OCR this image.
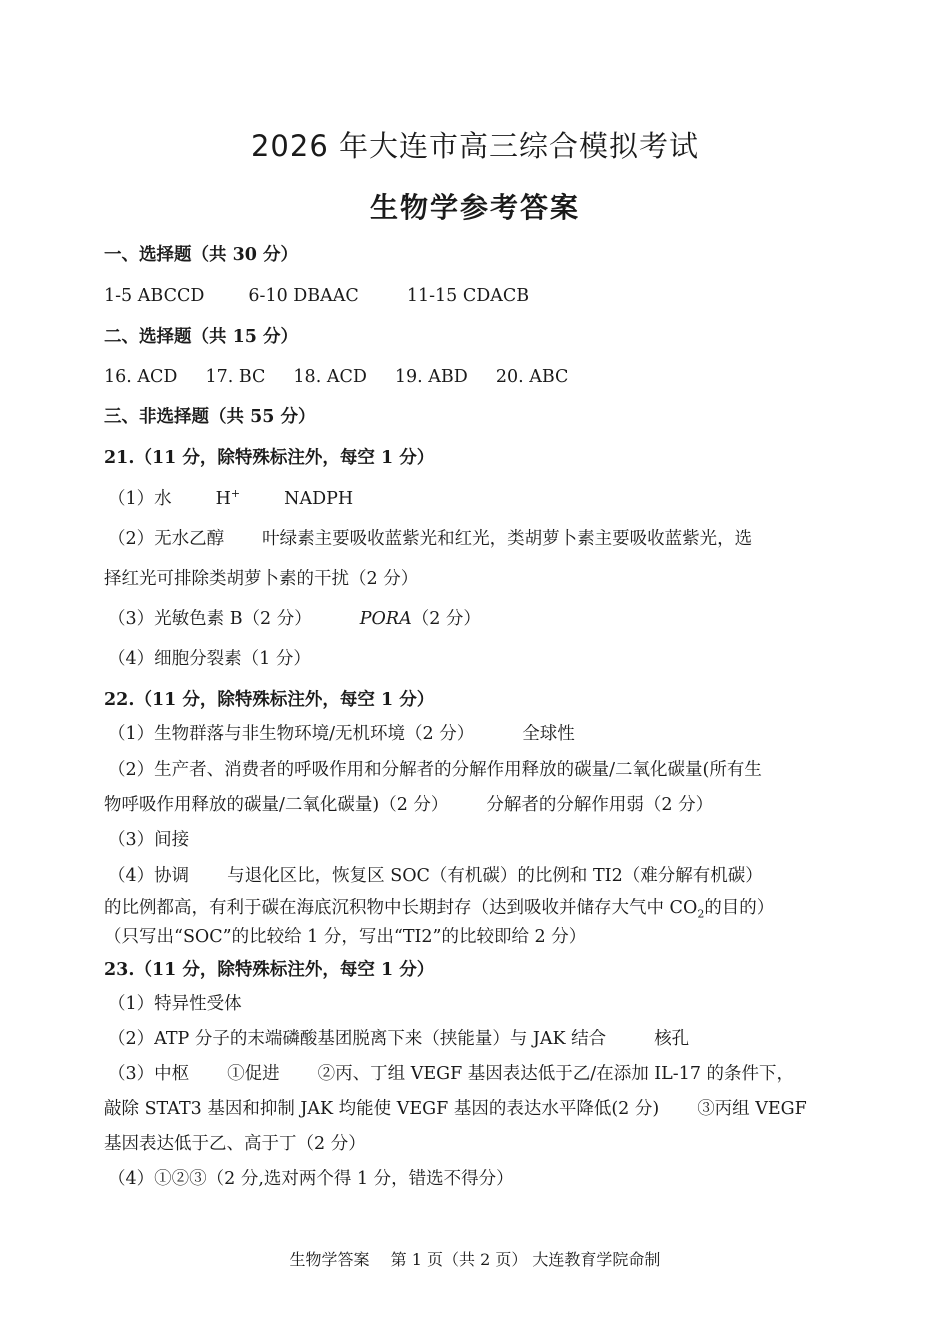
2026 年大连市高三综合模拟考试
生物学参考答案
一、选择题（共 30 分）
1-5 ABCCD	6-10 DBAAC	11-15 CDACB
二、选择题（共 15 分）
16. ACD 17. BC 18. ACD 19. ABD 20. ABC
三、非选择题（共 55 分）
21.（11 分，除特殊标注外，每空 1 分）
（1）水	H+	NADPH
（2）无水乙醇 叶绿素主要吸收蓝紫光和红光，类胡萝卜素主要吸收蓝紫光，选
择红光可排除类胡萝卜素的干扰（2 分）
（3）光敏色素 B（2 分）	PORA（2 分）
（4）细胞分裂素（1 分）
22.（11 分，除特殊标注外，每空 1 分）
（1）生物群落与非生物环境/无机环境（2 分）	全球性
（2）生产者、消费者的呼吸作用和分解者的分解作用释放的碳量/二氧化碳量(所有生
物呼吸作用释放的碳量/二氧化碳量)（2 分） 分解者的分解作用弱（2 分）
（3）间接
（4）协调 与退化区比，恢复区 SOC（有机碳）的比例和 TI2（难分解有机碳）
的比例都高，有利于碳在海底沉积物中长期封存（达到吸收并储存大气中 $CO_2$的目的）
（只写出“SOC”的比较给 1 分，写出“TI2”的比较即给 2 分）
23.（11 分，除特殊标注外，每空 1 分）
（1）特异性受体
（2）ATP 分子的末端磷酸基团脱离下来（挟能量）与 JAK 结合	核孔
（3）中枢 ①促进 ②丙、丁组 VEGF 基因表达低于乙/在添加 IL-17 的条件下，
敲除 STAT3 基因和抑制 JAK 均能使 VEGF 基因的表达水平降低(2 分) ③丙组 VEGF
基因表达低于乙、高于丁（2 分）
（4）①②③（2 分,选对两个得 1 分，错选不得分）
生物学答案　 第 1 页（共 2 页） 大连教育学院命制
